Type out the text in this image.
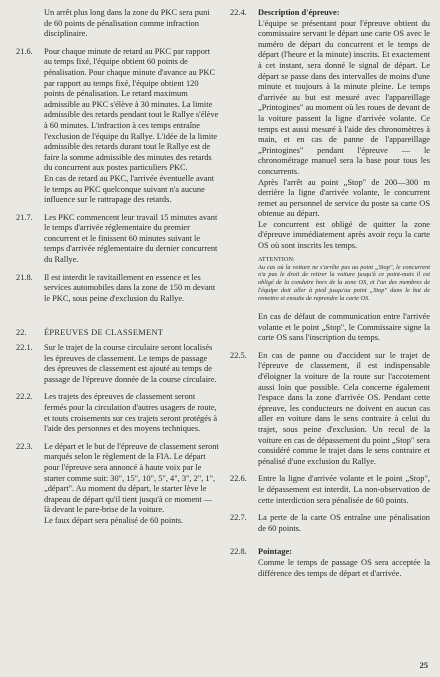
Un arrêt plus long dans la zone du PKC sera puni de 60 points de pénalisation comme infraction disciplinaire.

21.6.	Pour chaque minute de retard au PKC par rapport au temps fixé, l'équipe obtient 60 points de pénalisation. Pour chaque minute d'avance au PKC par rapport au temps fixé, l'équipe obtient 120 points de pénalisation. Le retard maximum admissible au PKC s'élève à 30 minutes. La limite admissible des retards pendant tout le Rallye s'élève à 60 minutes. L'infraction à ces temps entraîne l'exclusion de l'équipe du Rallye. L'idée de la limite admissible des retards durant tout le Rallye est de faire la somme admissible des minutes des retards du concurrent aux postes particuliers PKC.

En cas de retard au PKC, l'arrivée éventuelle avant le temps au PKC quelconque suivant n'a aucune influence sur le rattrapage des retards.

21.7.	Les PKC commencent leur travail 15 minutes avant le temps d'arrivée réglementaire du premier concurrent et le finissent 60 minutes suivant le temps d'arrivée réglementaire du dernier concurrent du Rallye.

21.8.	Il est interdit le ravitaillement en essence et les services automobiles dans la zone de 150 m devant le PKC, sous peine d'exclusion du Rallye.

22.	ÉPREUVES DE CLASSEMENT
22.1.	Sur le trajet de la course circulaire seront localisés les épreuves de classement. Le temps de passage des épreuves de classement est ajouté au temps de passage de l'épreuve donnée de la course circulaire.

22.2.	Les trajets des épreuves de classement seront fermés pour la circulation d'autres usagers de route, et touts croisements sur ces trajets seront protégés à l'aide des personnes et des moyens techniques.

22.3.	Le départ et le but de l'épreuve de classement seront marqués selon le règlement de la FIA. Le départ pour l'épreuve sera annoncé à haute voix par le starter comme suit: 30", 15", 10", 5", 4", 3", 2", 1", „départ". Au moment du départ, le starter lève le drapeau de départ qu'il tient jusqu'à ce moment — là devant le pare-brise de la voiture.

Le faux départ sera pénalisé de 60 points.

22.4.	Description d'épreuve:

L'équipe se présentant pour l'épreuve obtient du commissaire servant le départ une carte OS avec le numéro de départ du concurrent et le temps de départ (l'heure et la minute) inscrits. Et exactement à cet instant, sera donné le signal de départ. Le départ se passe dans des intervalles de moins d'une minute et toujours à la minute pleine. Le temps d'arrivée au but est mesuré avec l'appareillage „Printogines" au moment où les roues de devant de la voiture passent la ligne d'arrivée volante. Ce temps est aussi mesuré à l'aide des chronomètres à main, et en cas de panne de l'appareillage „Printogines" pendant l'épreuve — le chronométrage manuel sera la base pour tous les concurrents.

Après l'arrêt au point „Stop" de 200—300 m derrière la ligne d'arrivée volante, le concurrent remet au personnel de service du poste sa carte OS obtenue au départ.

Le concurrent est obligé de quitter la zone d'épreuve immédiatement après avoir reçu la carte OS où sont inscrits les temps.

ATTENTION:

Au cas où la voiture ne s'arrête pas au point „Stop", le concurrent n'a pas le droit de retirer la voiture jusqu'à ce point-mais il est obligé de la conduire hors de la zone OS, et l'un des membres de l'équipe doit aller à pied jusqu'au point „Stop" dans le but de remettre et ensuite de reprendre la carte OS.

En cas de défaut de communication entre l'arrivée volante et le point „Stop", le Commissaire signe la carte OS sans l'inscription du temps.

22.5.	En cas de panne ou d'accident sur le trajet de l'épreuve de classement, il est indispensable d'éloigner la voiture de la route sur l'accotement aussi loin que possible. Cela concerne également l'espace dans la zone d'arrivée OS. Pendant cette épreuve, les conducteurs ne doivent en aucun cas aller en voiture dans le sens contraire à celui du trajet, sous peine d'exclusion. Un recul de la voiture en cas de dépassement du point „Stop" sera considéré comme le trajet dans le sens contraire et pénalisé d'une exclusion du Rallye.

22.6.	Entre la ligne d'arrivée volante et le point „Stop", le dépassement est interdit. La non-observation de cette interdiction sera pénalisée de 60 points.

22.7.	La perte de la carte OS entraîne une pénalisation de 60 points.

22.8.	Pointage:

Comme le temps de passage OS sera acceptée la différence des temps de départ et d'arrivée.

25
